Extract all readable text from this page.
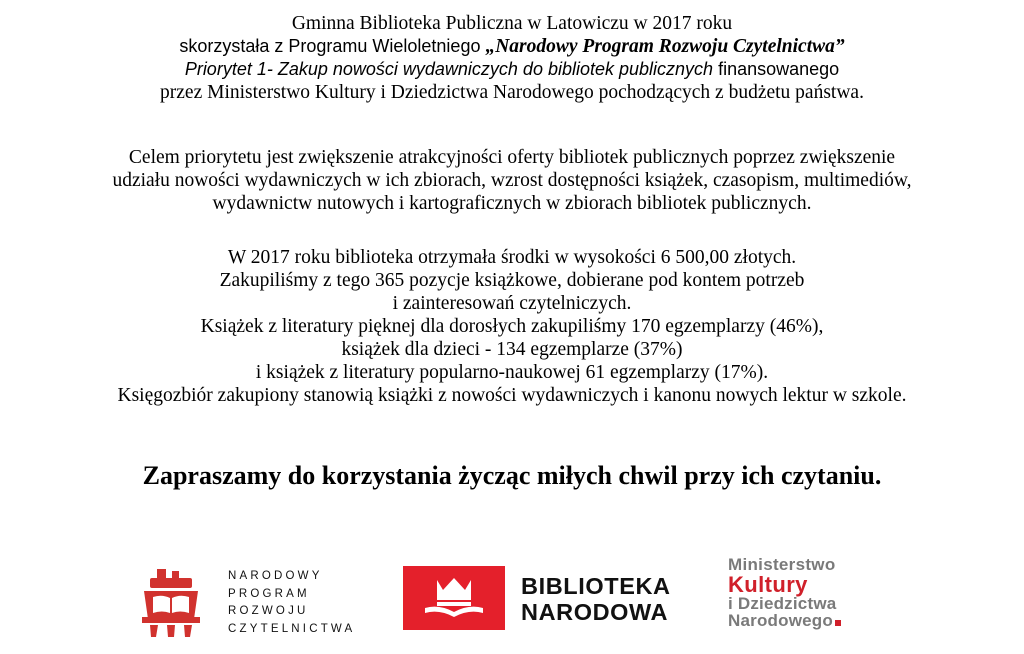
Gminna Biblioteka Publiczna w Latowiczu w 2017 roku
skorzystała z Programu Wieloletniego „Narodowy Program Rozwoju Czytelnictwa”
Priorytet 1- Zakup nowości wydawniczych do bibliotek publicznych finansowanego
przez Ministerstwo Kultury i Dziedzictwa Narodowego pochodzących z budżetu państwa.
Celem priorytetu jest zwiększenie atrakcyjności oferty bibliotek publicznych poprzez zwiększenie
udziału nowości wydawniczych w ich zbiorach, wzrost dostępności książek, czasopism, multimediów,
wydawnictw nutowych i kartograficznych w zbiorach bibliotek publicznych.
W 2017 roku biblioteka otrzymała środki w wysokości 6 500,00 złotych.
Zakupiliśmy z tego 365 pozycje książkowe, dobierane pod kontem potrzeb
i zainteresowań czytelniczych.
Książek z literatury pięknej dla dorosłych zakupiliśmy 170 egzemplarzy (46%),
książek dla dzieci - 134 egzemplarze (37%)
i książek z literatury popularno-naukowej 61 egzemplarzy (17%).
Księgozbiór zakupiony stanowią książki z nowości wydawniczych i kanonu nowych lektur w szkole.
Zapraszamy do korzystania życząc miłych chwil przy ich czytaniu.
NARODOWY
PROGRAM
ROZWOJU
CZYTELNICTWA
BIBLIOTEKA
NARODOWA
Ministerstwo
Kultury
i Dziedzictwa
Narodowego
